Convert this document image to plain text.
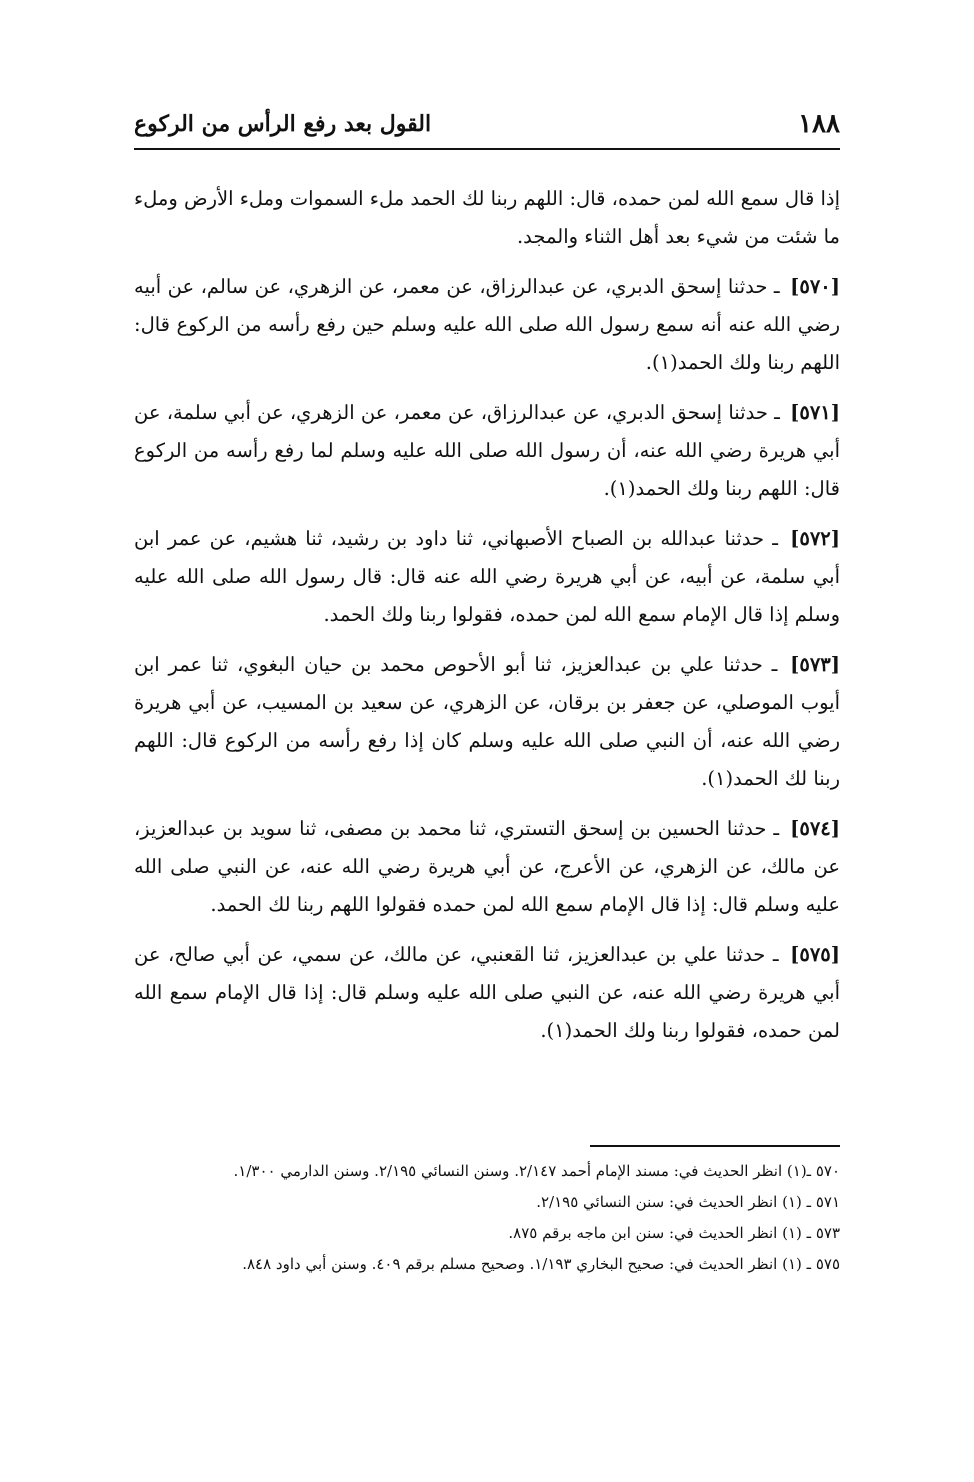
١٨٨
القول بعد رفع الرأس من الركوع

إذا قال سمع الله لمن حمده، قال: اللهم ربنا لك الحمد ملء السموات وملء الأرض وملء ما شئت من شيء بعد أهل الثناء والمجد.

[٥٧٠] ـ حدثنا إسحق الدبري، عن عبدالرزاق، عن معمر، عن الزهري، عن سالم، عن أبيه رضي الله عنه أنه سمع رسول الله صلى الله عليه وسلم حين رفع رأسه من الركوع قال: اللهم ربنا ولك الحمد(١).

[٥٧١] ـ حدثنا إسحق الدبري، عن عبدالرزاق، عن معمر، عن الزهري، عن أبي سلمة، عن أبي هريرة رضي الله عنه، أن رسول الله صلى الله عليه وسلم لما رفع رأسه من الركوع قال: اللهم ربنا ولك الحمد(١).

[٥٧٢] ـ حدثنا عبدالله بن الصباح الأصبهاني، ثنا داود بن رشيد، ثنا هشيم، عن عمر ابن أبي سلمة، عن أبيه، عن أبي هريرة رضي الله عنه قال: قال رسول الله صلى الله عليه وسلم إذا قال الإمام سمع الله لمن حمده، فقولوا ربنا ولك الحمد.

[٥٧٣] ـ حدثنا علي بن عبدالعزيز، ثنا أبو الأحوص محمد بن حيان البغوي، ثنا عمر ابن أيوب الموصلي، عن جعفر بن برقان، عن الزهري، عن سعيد بن المسيب، عن أبي هريرة رضي الله عنه، أن النبي صلى الله عليه وسلم كان إذا رفع رأسه من الركوع قال: اللهم ربنا لك الحمد(١).

[٥٧٤] ـ حدثنا الحسين بن إسحق التستري، ثنا محمد بن مصفى، ثنا سويد بن عبدالعزيز، عن مالك، عن الزهري، عن الأعرج، عن أبي هريرة رضي الله عنه، عن النبي صلى الله عليه وسلم قال: إذا قال الإمام سمع الله لمن حمده فقولوا اللهم ربنا لك الحمد.

[٥٧٥] ـ حدثنا علي بن عبدالعزيز، ثنا القعنبي، عن مالك، عن سمي، عن أبي صالح، عن أبي هريرة رضي الله عنه، عن النبي صلى الله عليه وسلم قال: إذا قال الإمام سمع الله لمن حمده، فقولوا ربنا ولك الحمد(١).

٥٧٠ ـ(١) انظر الحديث في: مسند الإمام أحمد ٢/١٤٧. وسنن النسائي ٢/١٩٥. وسنن الدارمي ١/٣٠٠.
٥٧١ ـ (١) انظر الحديث في: سنن النسائي ٢/١٩٥.
٥٧٣ ـ (١) انظر الحديث في: سنن ابن ماجه برقم ٨٧٥.
٥٧٥ ـ (١) انظر الحديث في: صحيح البخاري ١/١٩٣. وصحيح مسلم برقم ٤٠٩. وسنن أبي داود ٨٤٨.
